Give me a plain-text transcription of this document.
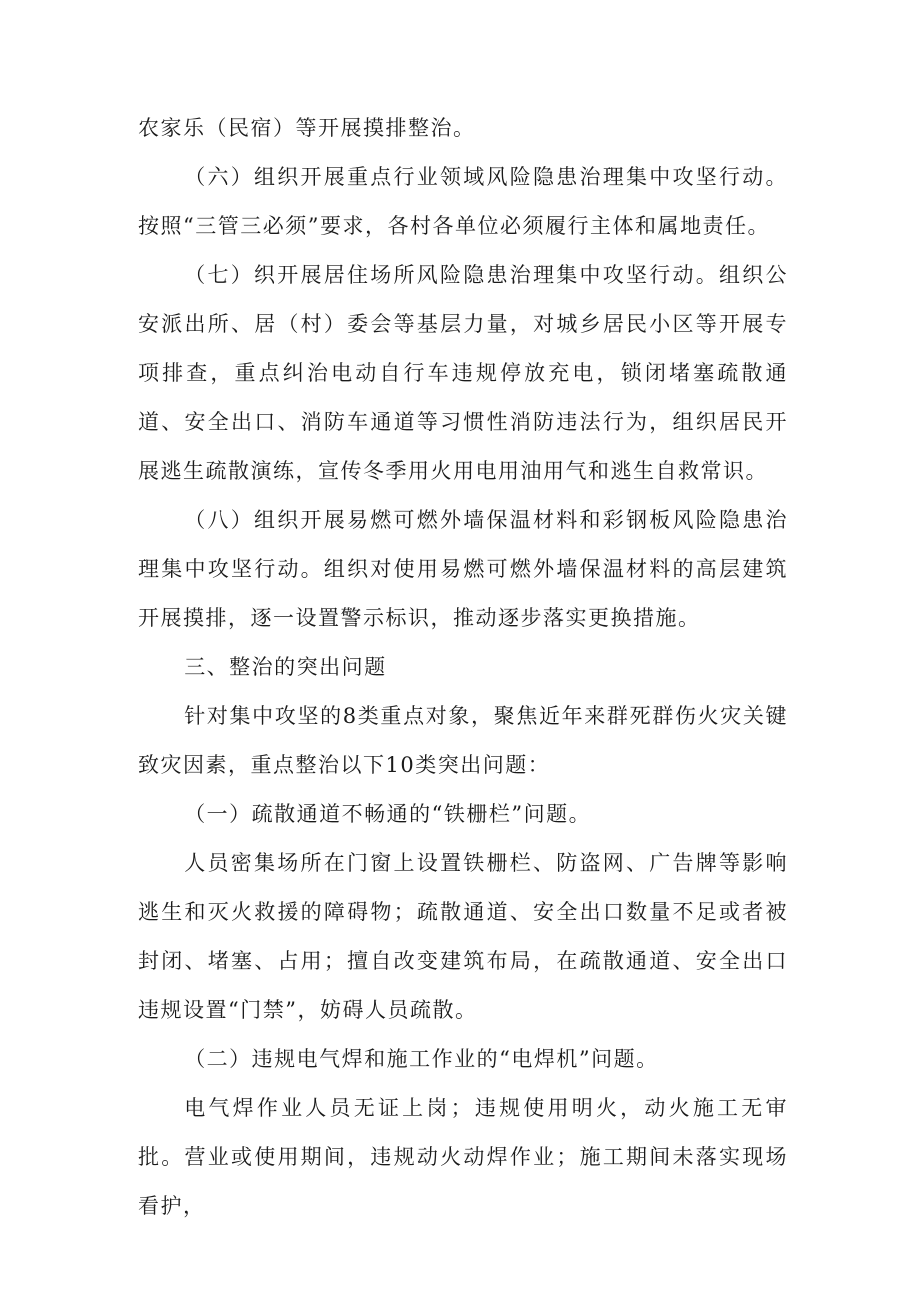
农家乐（民宿）等开展摸排整治。

（六）组织开展重点行业领域风险隐患治理集中攻坚行动。按照“三管三必须”要求，各村各单位必须履行主体和属地责任。

（七）织开展居住场所风险隐患治理集中攻坚行动。组织公安派出所、居（村）委会等基层力量，对城乡居民小区等开展专项排查，重点纠治电动自行车违规停放充电，锁闭堵塞疏散通道、安全出口、消防车通道等习惯性消防违法行为，组织居民开展逃生疏散演练，宣传冬季用火用电用油用气和逃生自救常识。

（八）组织开展易燃可燃外墙保温材料和彩钢板风险隐患治理集中攻坚行动。组织对使用易燃可燃外墙保温材料的高层建筑开展摸排，逐一设置警示标识，推动逐步落实更换措施。

三、整治的突出问题

针对集中攻坚的8类重点对象，聚焦近年来群死群伤火灾关键致灾因素，重点整治以下10类突出问题：

（一）疏散通道不畅通的“铁栅栏”问题。

人员密集场所在门窗上设置铁栅栏、防盗网、广告牌等影响逃生和灭火救援的障碍物；疏散通道、安全出口数量不足或者被封闭、堵塞、占用；擅自改变建筑布局，在疏散通道、安全出口违规设置“门禁”，妨碍人员疏散。

（二）违规电气焊和施工作业的“电焊机”问题。

电气焊作业人员无证上岗；违规使用明火，动火施工无审批。营业或使用期间，违规动火动焊作业；施工期间未落实现场看护，
